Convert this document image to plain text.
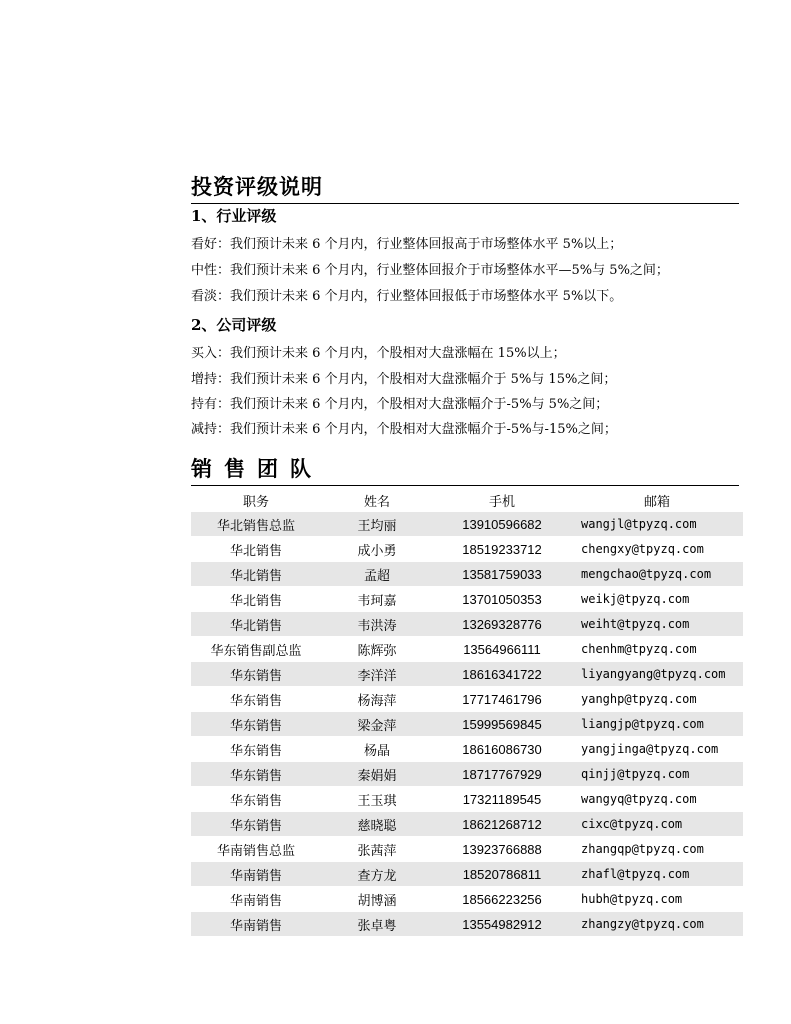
投资评级说明
1、行业评级

看好：我们预计未来 6 个月内，行业整体回报高于市场整体水平 5%以上；

中性：我们预计未来 6 个月内，行业整体回报介于市场整体水平—5%与 5%之间；

看淡：我们预计未来 6 个月内，行业整体回报低于市场整体水平 5%以下。

2、公司评级

买入：我们预计未来 6 个月内，个股相对大盘涨幅在 15%以上；

增持：我们预计未来 6 个月内，个股相对大盘涨幅介于 5%与 15%之间；

持有：我们预计未来 6 个月内，个股相对大盘涨幅介于-5%与 5%之间；

减持：我们预计未来 6 个月内，个股相对大盘涨幅介于-5%与-15%之间；

销售团队
职务	姓名	手机	邮箱
华北销售总监	王均丽	13910596682	wangjl@tpyzq.com
华北销售	成小勇	18519233712	chengxy@tpyzq.com
华北销售	孟超	13581759033	mengchao@tpyzq.com
华北销售	韦珂嘉	13701050353	weikj@tpyzq.com
华北销售	韦洪涛	13269328776	weiht@tpyzq.com
华东销售副总监	陈辉弥	13564966111	chenhm@tpyzq.com
华东销售	李洋洋	18616341722	liyangyang@tpyzq.com
华东销售	杨海萍	17717461796	yanghp@tpyzq.com
华东销售	梁金萍	15999569845	liangjp@tpyzq.com
华东销售	杨晶	18616086730	yangjinga@tpyzq.com
华东销售	秦娟娟	18717767929	qinjj@tpyzq.com
华东销售	王玉琪	17321189545	wangyq@tpyzq.com
华东销售	慈晓聪	18621268712	cixc@tpyzq.com
华南销售总监	张茜萍	13923766888	zhangqp@tpyzq.com
华南销售	查方龙	18520786811	zhafl@tpyzq.com
华南销售	胡博涵	18566223256	hubh@tpyzq.com
华南销售	张卓粤	13554982912	zhangzy@tpyzq.com
